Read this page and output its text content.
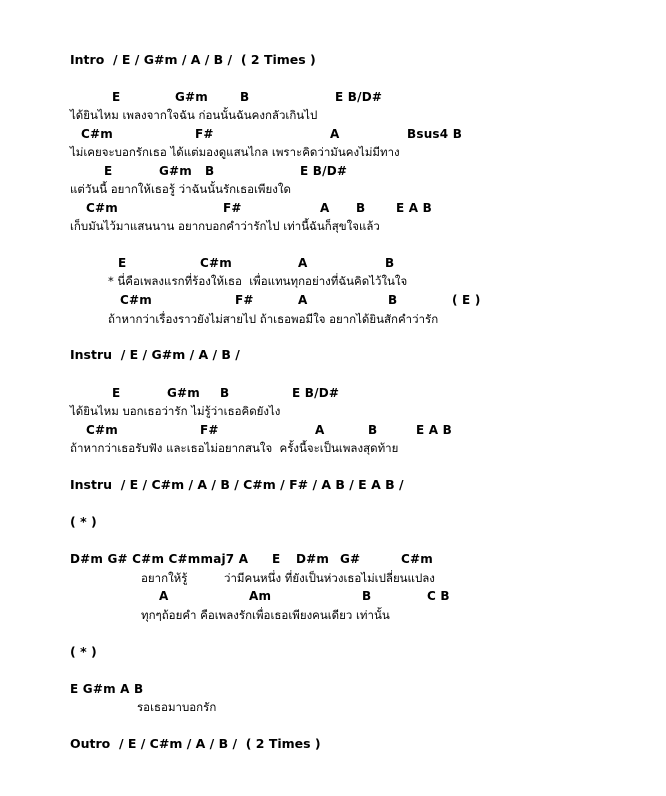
Intro  / E / G#m / A / B /  ( 2 Times )
E	G#m	B	E B/D#
ได้ยินไหม เพลงจากใจฉัน ก่อนนั้นฉันคงกลัวเกินไป
C#m	F#	A	Bsus4 B
ไม่เคยจะบอกรักเธอ ได้แต่มองดูแสนไกล เพราะคิดว่ามันคงไม่มีทาง
E	G#m B	E B/D#
แต่วันนี้ อยากให้เธอรู้ ว่าฉันนั้นรักเธอเพียงใด
C#m	F#	A B	E A B
เก็บมันไว้มาแสนนาน อยากบอกคำว่ารักไป เท่านี้ฉันก็สุขใจแล้ว
E	C#m	A	B
* นี่คือเพลงแรกที่ร้องให้เธอ  เพื่อแทนทุกอย่างที่ฉันคิดไว้ในใจ
C#m	F#	A	B	( E )
ถ้าหากว่าเรื่องราวยังไม่สายไป ถ้าเธอพอมีใจ อยากได้ยินสักคำว่ารัก
Instru  / E / G#m / A / B /
E	G#m B	E B/D#
ได้ยินไหม บอกเธอว่ารัก ไม่รู้ว่าเธอคิดยังไง
C#m	F#	A	B	E A B
ถ้าหากว่าเธอรับฟัง และเธอไม่อยากสนใจ  ครั้งนี้จะเป็นเพลงสุดท้าย
Instru  / E / C#m / A / B / C#m / F# / A B / E A B /
( * )
D#m G# C#m C#mmaj7 A E D#m G#	C#m
อยากให้รู้	ว่ามีคนหนึ่ง ที่ยังเป็นห่วงเธอไม่เปลี่ยนแปลง
A	Am	B	C B
ทุกๆถ้อยคำ คือเพลงรักเพื่อเธอเพียงคนเดียว เท่านั้น
( * )
E G#m A B
รอเธอมาบอกรัก
Outro  / E / C#m / A / B /  ( 2 Times )
